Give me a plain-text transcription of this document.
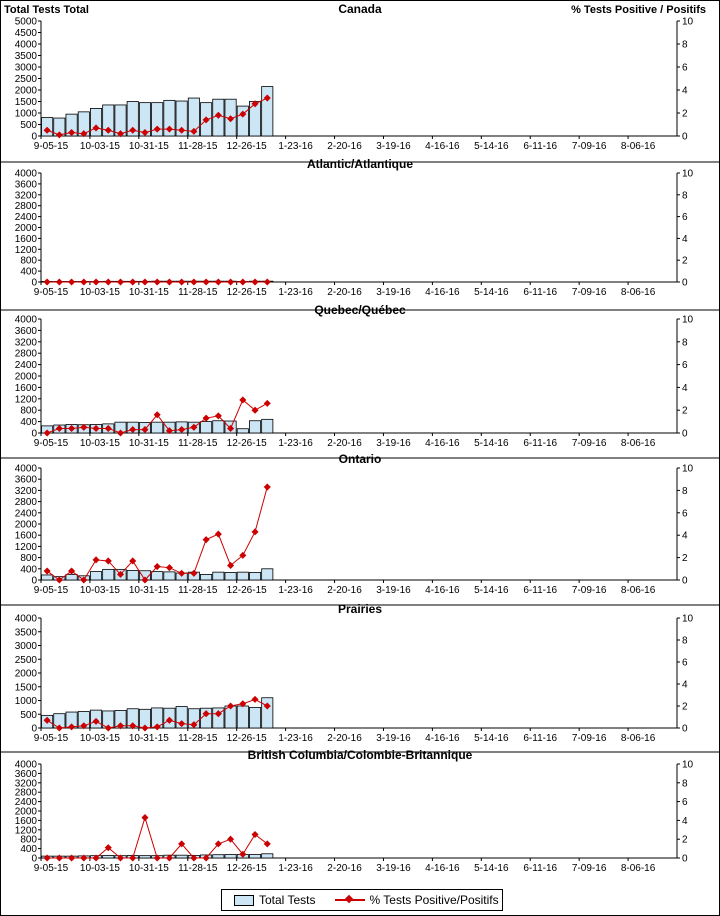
Total Tests Total	% Tests Positive / Positifs
Canada
0
500
1000
1500
2000
2500
3000
3500
4000
4500
5000
0
2
4
6
8
10
9-05-15 10-03-15 10-31-15 11-28-15 12-26-15 1-23-16 2-20-16 3-19-16 4-16-16 5-14-16 6-11-16 7-09-16 8-06-16
Atlantic/Atlantique
0
400
800
1200
1600
2000
2400
2800
3200
3600
4000
0
2
4
6
8
10
9-05-15 10-03-15 10-31-15 11-28-15 12-26-15 1-23-16 2-20-16 3-19-16 4-16-16 5-14-16 6-11-16 7-09-16 8-06-16
Quebec/Québec
0
400
800
1200
1600
2000
2400
2800
3200
3600
4000
0
2
4
6
8
10
9-05-15 10-03-15 10-31-15 11-28-15 12-26-15 1-23-16 2-20-16 3-19-16 4-16-16 5-14-16 6-11-16 7-09-16 8-06-16
Ontario
0
400
800
1200
1600
2000
2400
2800
3200
3600
4000
0
2
4
6
8
10
9-05-15 10-03-15 10-31-15 11-28-15 12-26-15 1-23-16 2-20-16 3-19-16 4-16-16 5-14-16 6-11-16 7-09-16 8-06-16
Prairies
0
500
1000
1500
2000
2500
3000
3500
4000
0
2
4
6
8
10
9-05-15 10-03-15 10-31-15 11-28-15 12-26-15 1-23-16 2-20-16 3-19-16 4-16-16 5-14-16 6-11-16 7-09-16 8-06-16
British Columbia/Colombie-Britannique
0
400
800
1200
1600
2000
2400
2800
3200
3600
4000
0
2
4
6
8
10
9-05-15 10-03-15 10-31-15 11-28-15 12-26-15 1-23-16 2-20-16 3-19-16 4-16-16 5-14-16 6-11-16 7-09-16 8-06-16
Total Tests	% Tests Positive/Positifs
